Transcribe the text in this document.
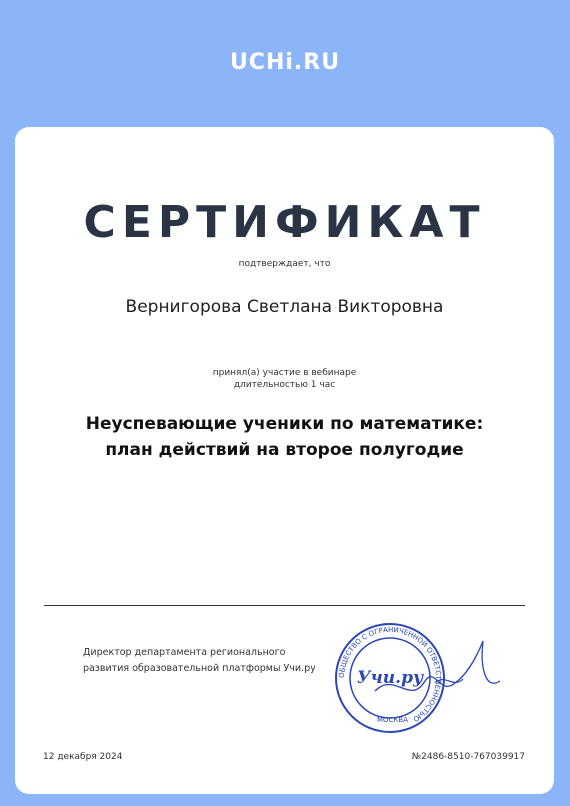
UCHi.RU
СЕРТИФИКАТ
подтверждает, что
Вернигорова Светлана Викторовна
принял(а) участие в вебинаре
длительностью 1 час
Неуспевающие ученики по математике:
план действий на второе полугодие
Директор департамента регионального
развития образовательной платформы Учи.ру
ОБЩЕСТВО С ОГРАНИЧЕННОЙ ОТВЕТСТВЕННОСТЬЮ
МОСКВА
Учи.ру
12 декабря 2024	№2486-8510-767039917
